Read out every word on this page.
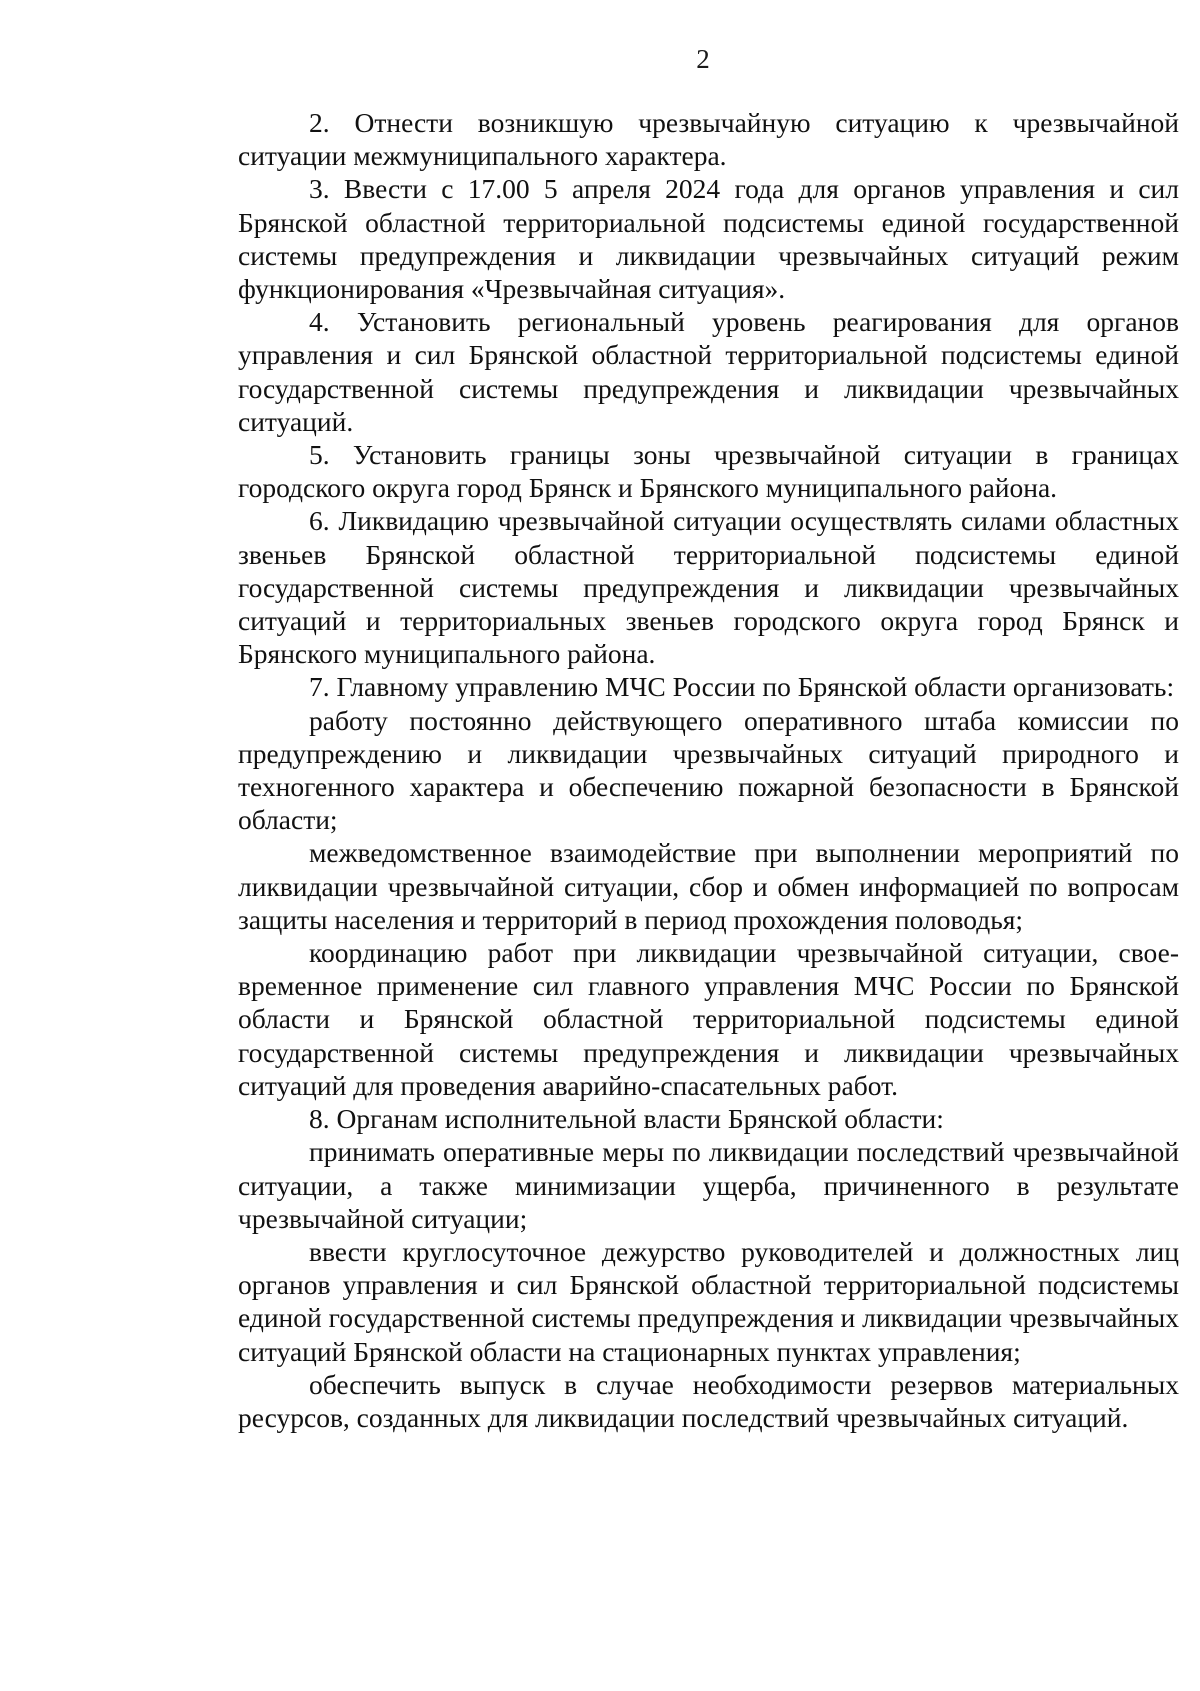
2

2. Отнести возникшую чрезвычайную ситуацию к чрезвычайной ситуации межмуниципального характера.

3. Ввести с 17.00 5 апреля 2024 года для органов управления и сил Брянской областной территориальной подсистемы единой государственной системы предупреждения и ликвидации чрезвычайных ситуаций режим функционирования «Чрезвычайная ситуация».

4. Установить региональный уровень реагирования для органов управления и сил Брянской областной территориальной подсистемы единой государственной системы предупреждения и ликвидации чрезвычайных ситуаций.

5. Установить границы зоны чрезвычайной ситуации в границах городского округа город Брянск и Брянского муниципального района.

6. Ликвидацию чрезвычайной ситуации осуществлять силами областных звеньев Брянской областной территориальной подсистемы единой государственной системы предупреждения и ликвидации чрезвычайных ситуаций и территориальных звеньев городского округа город Брянск и Брянского муниципального района.

7. Главному управлению МЧС России по Брянской области организовать:

работу постоянно действующего оперативного штаба комиссии по предупреждению и ликвидации чрезвычайных ситуаций природного и техногенного характера и обеспечению пожарной безопасности в Брянской области;

межведомственное взаимодействие при выполнении мероприятий по ликвидации чрезвычайной ситуации, сбор и обмен информацией по вопросам защиты населения и территорий в период прохождения половодья;

координацию работ при ликвидации чрезвычайной ситуации, своевременное применение сил главного управления МЧС России по Брянской области и Брянской областной территориальной подсистемы единой государственной системы предупреждения и ликвидации чрезвычайных ситуаций для проведения аварийно-спасательных работ.

8. Органам исполнительной власти Брянской области:

принимать оперативные меры по ликвидации последствий чрезвычайной ситуации, а также минимизации ущерба, причиненного в результате чрезвычайной ситуации;

ввести круглосуточное дежурство руководителей и должностных лиц органов управления и сил Брянской областной территориальной подсистемы единой государственной системы предупреждения и ликвидации чрезвычайных ситуаций Брянской области на стационарных пунктах управления;

обеспечить выпуск в случае необходимости резервов материальных ресурсов, созданных для ликвидации последствий чрезвычайных ситуаций.
